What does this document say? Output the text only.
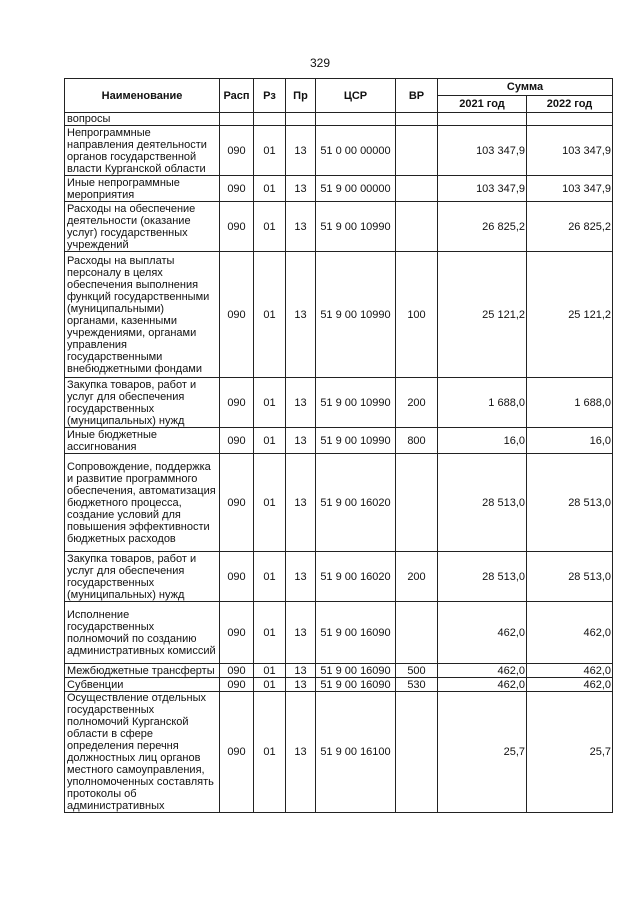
329
Наименование	Расп	Рз	Пр	ЦСР	ВР	Сумма	
						2021 год	2022 год
вопросы							
Непрограммные направления деятельности органов государственной власти Курганской области	090	01	13	51 0 00 00000		103 347,9	103 347,9
Иные непрограммные мероприятия	090	01	13	51 9 00 00000		103 347,9	103 347,9
Расходы на обеспечение деятельности (оказание услуг) государственных учреждений	090	01	13	51 9 00 10990		26 825,2	26 825,2
Расходы на выплаты персоналу в целях обеспечения выполнения функций государственными (муниципальными) органами, казенными учреждениями, органами управления государственными внебюджетными фондами	090	01	13	51 9 00 10990	100	25 121,2	25 121,2
Закупка товаров, работ и услуг для обеспечения государственных (муниципальных) нужд	090	01	13	51 9 00 10990	200	1 688,0	1 688,0
Иные бюджетные ассигнования	090	01	13	51 9 00 10990	800	16,0	16,0
Сопровождение, поддержка и развитие программного обеспечения, автоматизация бюджетного процесса, создание условий для повышения эффективности бюджетных расходов	090	01	13	51 9 00 16020		28 513,0	28 513,0
Закупка товаров, работ и услуг для обеспечения государственных (муниципальных) нужд	090	01	13	51 9 00 16020	200	28 513,0	28 513,0
Исполнение государственных полномочий по созданию административных комиссий	090	01	13	51 9 00 16090		462,0	462,0
Межбюджетные трансферты	090	01	13	51 9 00 16090	500	462,0	462,0
Субвенции	090	01	13	51 9 00 16090	530	462,0	462,0
Осуществление отдельных государственных полномочий Курганской области в сфере определения перечня должностных лиц органов местного самоуправления, уполномоченных составлять протоколы об административных	090	01	13	51 9 00 16100		25,7	25,7
